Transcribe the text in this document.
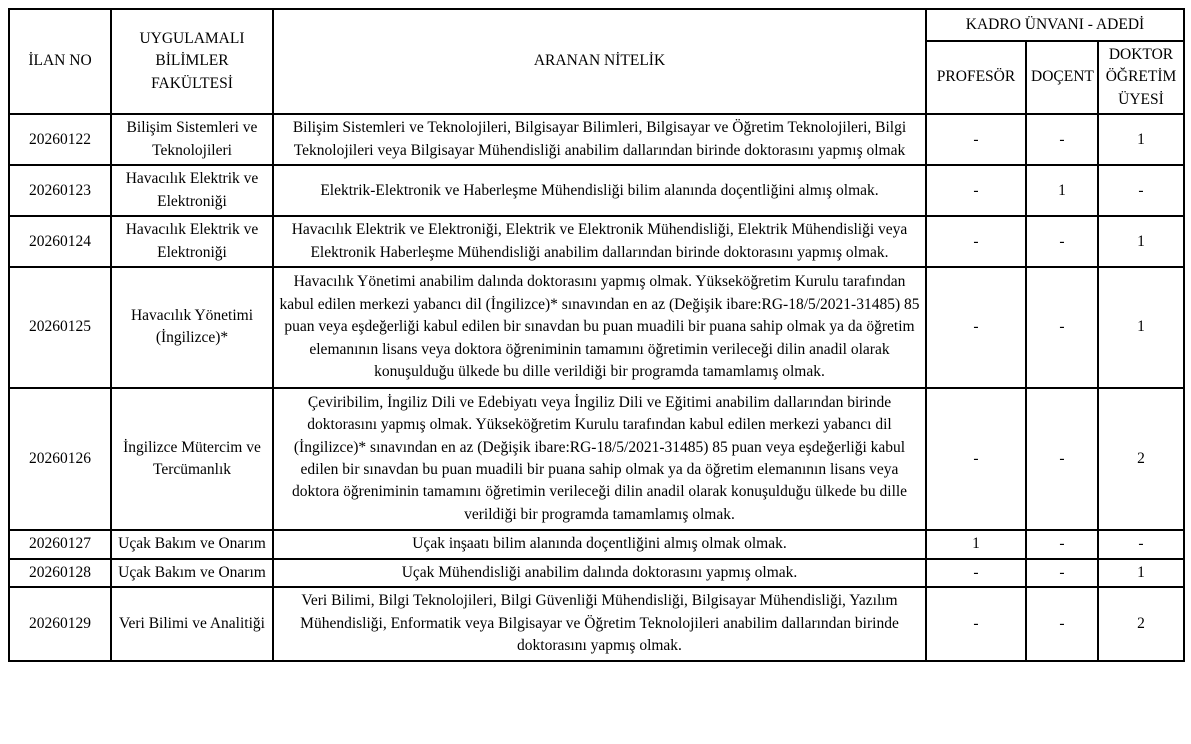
İLAN NO	UYGULAMALI BİLİMLER FAKÜLTESİ	ARANAN NİTELİK	KADRO ÜNVANI - ADEDİ		
			PROFESÖR	DOÇENT	DOKTOR ÖĞRETİM ÜYESİ
20260122	Bilişim Sistemleri ve Teknolojileri	Bilişim Sistemleri ve Teknolojileri, Bilgisayar Bilimleri, Bilgisayar ve Öğretim Teknolojileri, Bilgi Teknolojileri veya Bilgisayar Mühendisliği anabilim dallarından birinde doktorasını yapmış olmak	-	-	1
20260123	Havacılık Elektrik ve Elektroniği	Elektrik-Elektronik ve Haberleşme Mühendisliği bilim alanında doçentliğini almış olmak.	-	1	-
20260124	Havacılık Elektrik ve Elektroniği	Havacılık Elektrik ve Elektroniği, Elektrik ve Elektronik Mühendisliği, Elektrik Mühendisliği veya Elektronik Haberleşme Mühendisliği anabilim dallarından birinde doktorasını yapmış olmak.	-	-	1
20260125	Havacılık Yönetimi (İngilizce)*	Havacılık Yönetimi anabilim dalında doktorasını yapmış olmak. Yükseköğretim Kurulu tarafından kabul edilen merkezi yabancı dil (İngilizce)* sınavından en az (Değişik ibare:RG-18/5/2021-31485) 85 puan veya eşdeğerliği kabul edilen bir sınavdan bu puan muadili bir puana sahip olmak ya da öğretim elemanının lisans veya doktora öğreniminin tamamını öğretimin verileceği dilin anadil olarak konuşulduğu ülkede bu dille verildiği bir programda tamamlamış olmak.	-	-	1
20260126	İngilizce Mütercim ve Tercümanlık	Çeviribilim, İngiliz Dili ve Edebiyatı veya İngiliz Dili ve Eğitimi anabilim dallarından birinde doktorasını yapmış olmak. Yükseköğretim Kurulu tarafından kabul edilen merkezi yabancı dil (İngilizce)* sınavından en az (Değişik ibare:RG-18/5/2021-31485) 85 puan veya eşdeğerliği kabul edilen bir sınavdan bu puan muadili bir puana sahip olmak ya da öğretim elemanının lisans veya doktora öğreniminin tamamını öğretimin verileceği dilin anadil olarak konuşulduğu ülkede bu dille verildiği bir programda tamamlamış olmak.	-	-	2
20260127	Uçak Bakım ve Onarım	Uçak inşaatı bilim alanında doçentliğini almış olmak olmak.	1	-	-
20260128	Uçak Bakım ve Onarım	Uçak Mühendisliği anabilim dalında doktorasını yapmış olmak.	-	-	1
20260129	Veri Bilimi ve Analitiği	Veri Bilimi, Bilgi Teknolojileri, Bilgi Güvenliği Mühendisliği, Bilgisayar Mühendisliği, Yazılım Mühendisliği, Enformatik veya Bilgisayar ve Öğretim Teknolojileri anabilim dallarından birinde doktorasını yapmış olmak.	-	-	2
